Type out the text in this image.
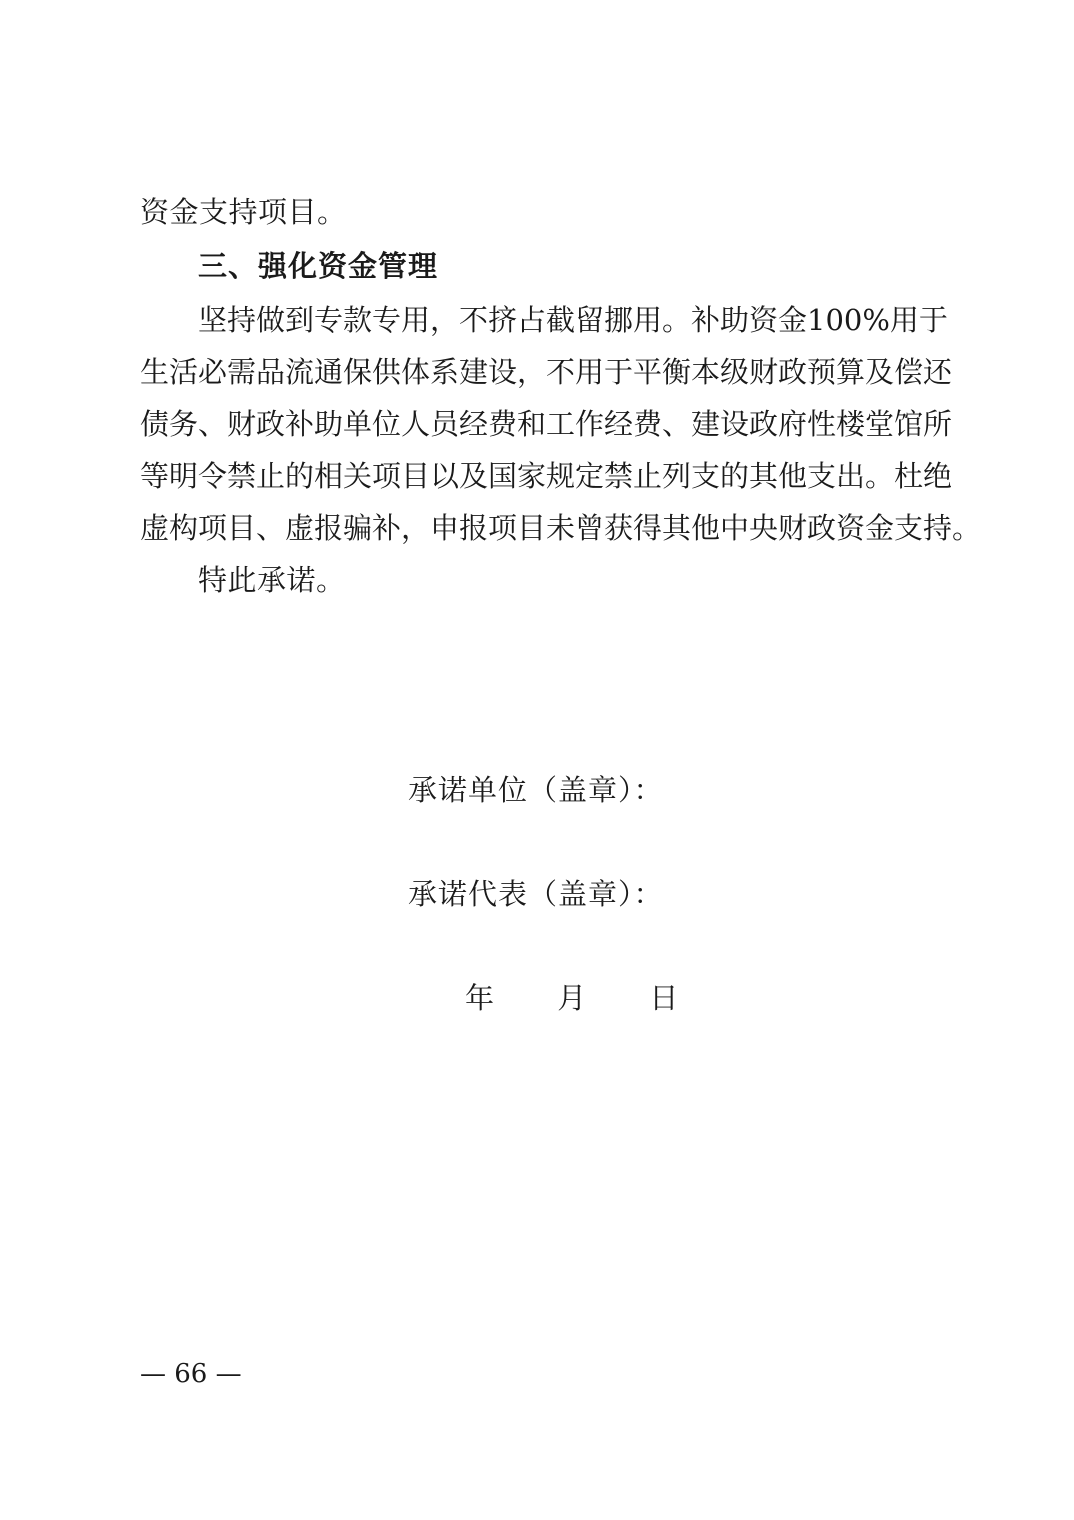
资金支持项目。
三、强化资金管理
坚持做到专款专用，不挤占截留挪用。补助资金100%用于
生活必需品流通保供体系建设，不用于平衡本级财政预算及偿还
债务、财政补助单位人员经费和工作经费、建设政府性楼堂馆所
等明令禁止的相关项目以及国家规定禁止列支的其他支出。杜绝
虚构项目、虚报骗补，申报项目未曾获得其他中央财政资金支持。
特此承诺。
承诺单位（盖章）：
承诺代表（盖章）：
年 月 日
— 66 —
